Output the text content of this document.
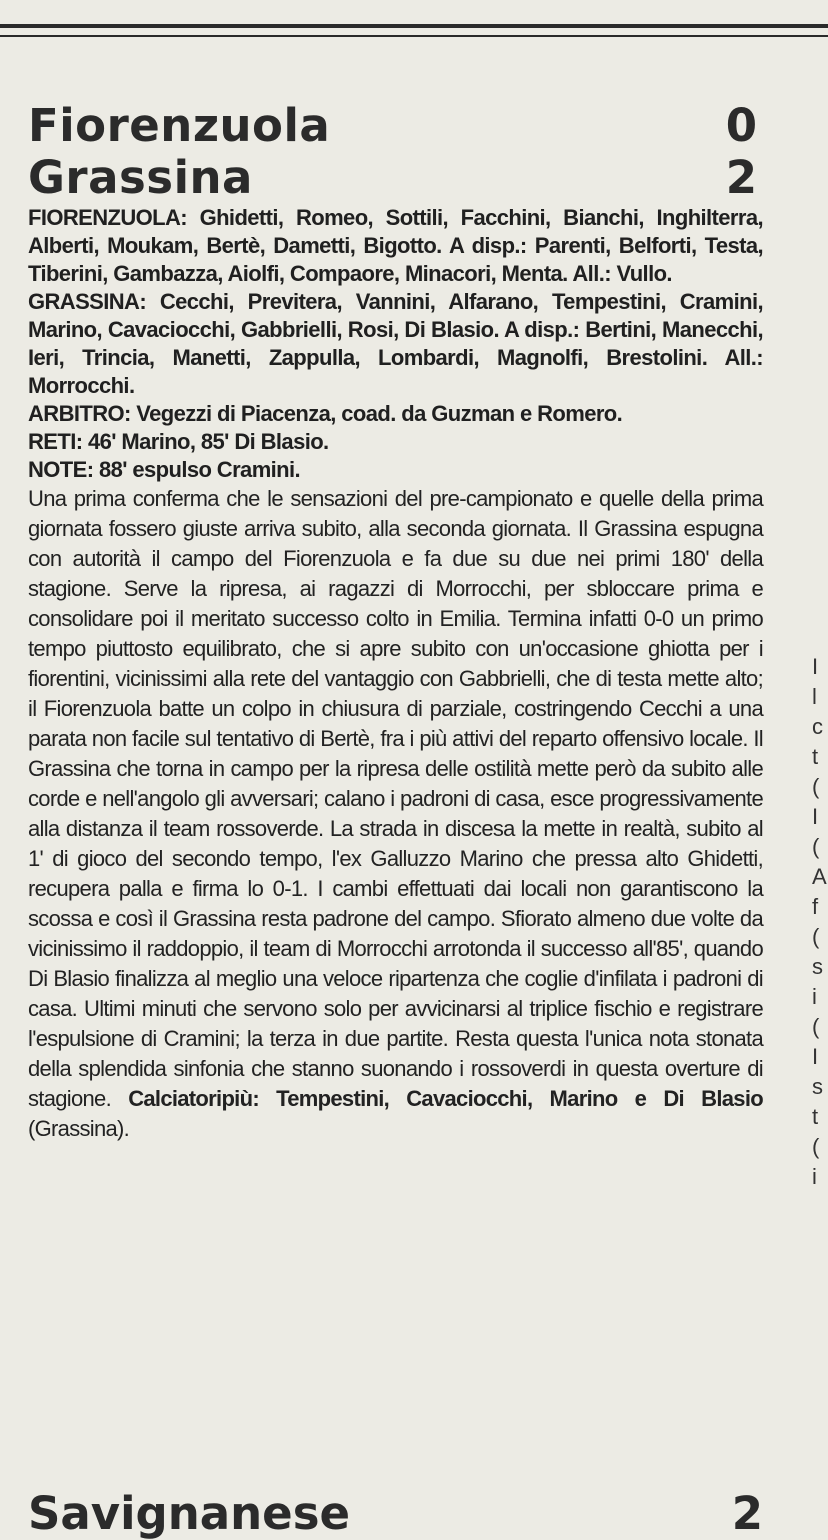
Fiorenzuola	0
Grassina	2

FIORENZUOLA: Ghidetti, Romeo, Sottili, Facchini, Bianchi, Inghilterra, Alberti, Moukam, Bertè, Dametti, Bigotto. A disp.: Parenti, Belforti, Testa, Tiberini, Gambazza, Aiolfi, Compaore, Minacori, Menta. All.: Vullo.

GRASSINA: Cecchi, Previtera, Vannini, Alfarano, Tempestini, Cramini, Marino, Cavaciocchi, Gabbrielli, Rosi, Di Blasio. A disp.: Bertini, Manecchi, Ieri, Trincia, Manetti, Zappulla, Lombardi, Magnolfi, Brestolini. All.: Morrocchi.

ARBITRO: Vegezzi di Piacenza, coad. da Guzman e Romero.

RETI: 46' Marino, 85' Di Blasio.

NOTE: 88' espulso Cramini.

Una prima conferma che le sensazioni del pre-campionato e quelle della prima giornata fossero giuste arriva subito, alla seconda giornata. Il Grassina espugna con autorità il campo del Fiorenzuola e fa due su due nei primi 180' della stagione. Serve la ripresa, ai ragazzi di Morrocchi, per sbloccare prima e consolidare poi il meritato successo colto in Emilia. Termina infatti 0-0 un primo tempo piuttosto equilibrato, che si apre subito con un'occasione ghiotta per i fiorentini, vicinissimi alla rete del vantaggio con Gabbrielli, che di testa mette alto; il Fiorenzuola batte un colpo in chiusura di parziale, costringendo Cecchi a una parata non facile sul tentativo di Bertè, fra i più attivi del reparto offensivo locale. Il Grassina che torna in campo per la ripresa delle ostilità mette però da subito alle corde e nell'angolo gli avversari; calano i padroni di casa, esce progressivamente alla distanza il team rossoverde. La strada in discesa la mette in realtà, subito al 1' di gioco del secondo tempo, l'ex Galluzzo Marino che pressa alto Ghidetti, recupera palla e firma lo 0-1. I cambi effettuati dai locali non garantiscono la scossa e così il Grassina resta padrone del campo. Sfiorato almeno due volte da vicinissimo il raddoppio, il team di Morrocchi arrotonda il successo all'85', quando Di Blasio finalizza al meglio una veloce ripartenza che coglie d'infilata i padroni di casa. Ultimi minuti che servono solo per avvicinarsi al triplice fischio e registrare l'espulsione di Cramini; la terza in due partite. Resta questa l'unica nota stonata della splendida sinfonia che stanno suonando i rossoverdi in questa overture di stagione. Calciatoripiù: Tempestini, Cavaciocchi, Marino e Di Blasio (Grassina).

Savignanese	2
I
l
c
t
(
I
(
A
f
(
s
i
(
I
s
t
(
i
